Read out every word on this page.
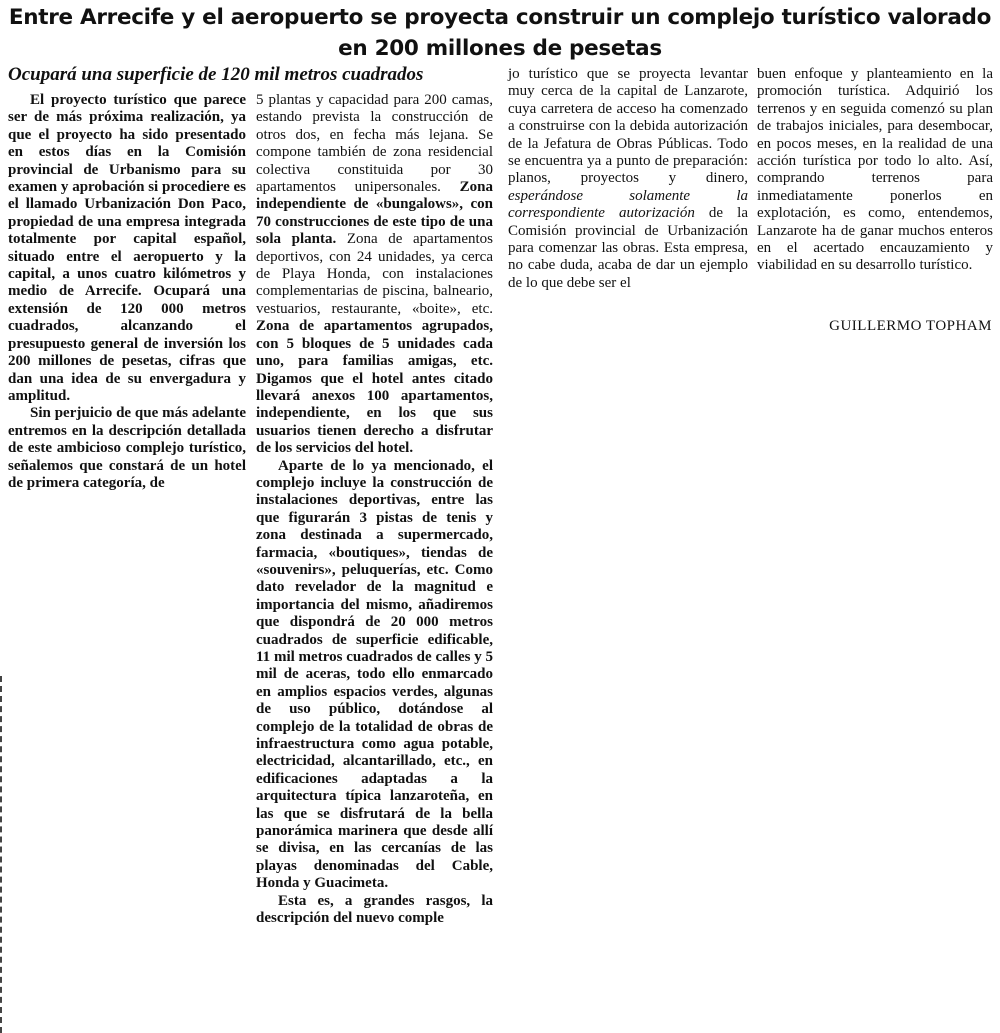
Entre Arrecife y el aeropuerto se proyecta construir un complejo turístico valorado en 200 millones de pesetas
Ocupará una superficie de 120 mil metros cuadrados

El proyecto turístico que parece ser de más próxima realización, ya que el proyecto ha sido presentado en estos días en la Comisión provincial de Urbanismo para su examen y aprobación si procediere es el llamado Urbanización Don Paco, propiedad de una empresa integrada totalmente por capital español, situado entre el aeropuerto y la capital, a unos cuatro kilómetros y medio de Arrecife. Ocupará una extensión de 120 000 metros cuadrados, alcanzando el presupuesto general de inversión los 200 millones de pesetas, cifras que dan una idea de su envergadura y amplitud.

Sin perjuicio de que más adelante entremos en la descripción detallada de este ambicioso complejo turístico, señalemos que constará de un hotel de primera categoría, de

5 plantas y capacidad para 200 camas, estando prevista la construcción de otros dos, en fecha más lejana. Se compone también de zona residencial colectiva constituida por 30 apartamentos unipersonales. Zona independiente de «bungalows», con 70 construcciones de este tipo de una sola planta. Zona de apartamentos deportivos, con 24 unidades, ya cerca de Playa Honda, con instalaciones complementarias de piscina, balneario, vestuarios, restaurante, «boite», etc. Zona de apartamentos agrupados, con 5 bloques de 5 unidades cada uno, para familias amigas, etc. Digamos que el hotel antes citado llevará anexos 100 apartamentos, independiente, en los que sus usuarios tienen derecho a disfrutar de los servicios del hotel.

Aparte de lo ya mencionado, el complejo incluye la construcción de instalaciones deportivas, entre las que figurarán 3 pistas de tenis y zona destinada a supermercado, farmacia, «boutiques», tiendas de «souvenirs», peluquerías, etc. Como dato revelador de la magnitud e importancia del mismo, añadiremos que dispondrá de 20 000 metros cuadrados de superficie edificable, 11 mil metros cuadrados de calles y 5 mil de aceras, todo ello enmarcado en amplios espacios verdes, algunas de uso público, dotándose al complejo de la totalidad de obras de infraestructura como agua potable, electricidad, alcantarillado, etc., en edificaciones adaptadas a la arquitectura típica lanzaroteña, en las que se disfrutará de la bella panorámica marinera que desde allí se divisa, en las cercanías de las playas denominadas del Cable, Honda y Guacimeta.

Esta es, a grandes rasgos, la descripción del nuevo comple

jo turístico que se proyecta levantar muy cerca de la capital de Lanzarote, cuya carretera de acceso ha comenzado a construirse con la debida autorización de la Jefatura de Obras Públicas. Todo se encuentra ya a punto de preparación: planos, proyectos y dinero, esperándose solamente la correspondiente autorización de la Comisión provincial de Urbanización para comenzar las obras. Esta empresa, no cabe duda, acaba de dar un ejemplo de lo que debe ser el

buen enfoque y planteamiento en la promoción turística. Adquirió los terrenos y en seguida comenzó su plan de trabajos iniciales, para desembocar, en pocos meses, en la realidad de una acción turística por todo lo alto. Así, comprando terrenos para inmediatamente ponerlos en explotación, es como, entendemos, Lanzarote ha de ganar muchos enteros en el acertado encauzamiento y viabilidad en su desarrollo turístico.

GUILLERMO TOPHAM
